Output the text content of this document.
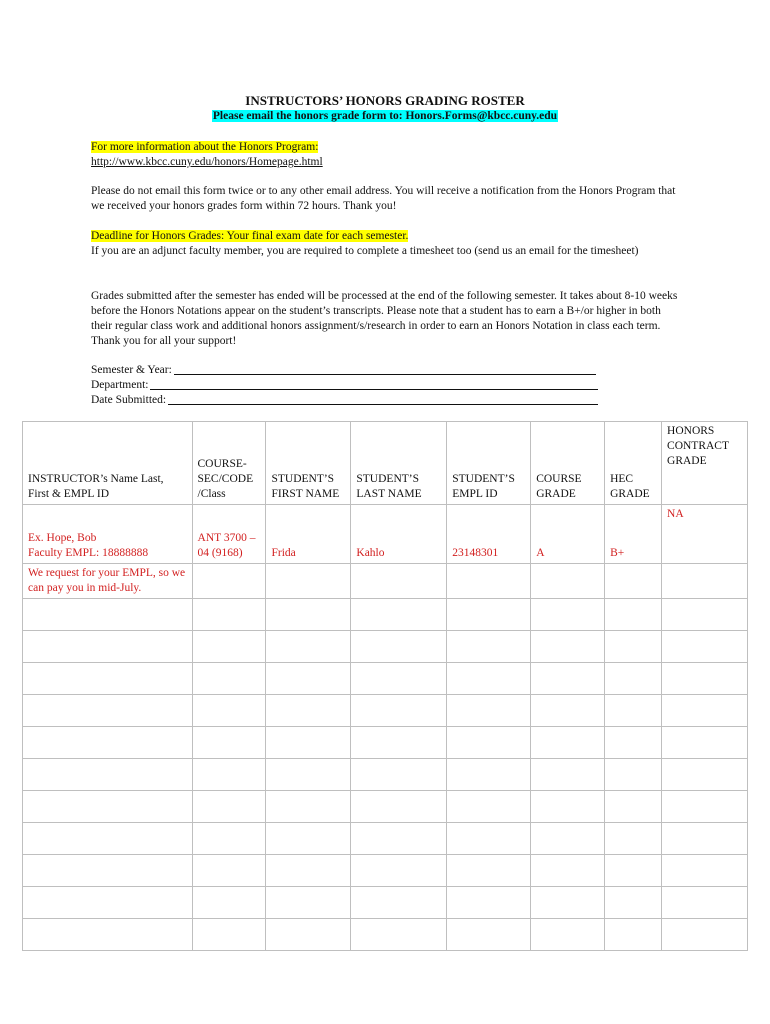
INSTRUCTORS’ HONORS GRADING ROSTER
Please email the honors grade form to: Honors.Forms@kbcc.cuny.edu
For more information about the Honors Program:
http://www.kbcc.cuny.edu/honors/Homepage.html
Please do not email this form twice or to any other email address. You will receive a notification from the Honors Program that we received your honors grades form within 72 hours. Thank you!
Deadline for Honors Grades: Your final exam date for each semester.
If you are an adjunct faculty member, you are required to complete a timesheet too (send us an email for the timesheet)
Grades submitted after the semester has ended will be processed at the end of the following semester. It takes about 8-10 weeks before the Honors Notations appear on the student’s transcripts. Please note that a student has to earn a B+/or higher in both their regular class work and additional honors assignment/s/research in order to earn an Honors Notation in class each term. Thank you for all your support!
Semester & Year:
Department:
Date Submitted:
INSTRUCTOR’s Name Last, First & EMPL ID	COURSE-SEC/CODE /Class	STUDENT’S FIRST NAME	STUDENT’S LAST NAME	STUDENT’S EMPL ID	COURSE GRADE	HEC GRADE	HONORS CONTRACT GRADE

Ex. Hope, Bob
Faculty EMPL: 18888888	ANT 3700 – 04 (9168)	Frida	Kahlo	23148301	A	B+	NA
We request for your EMPL, so we can pay you in mid-July.							
